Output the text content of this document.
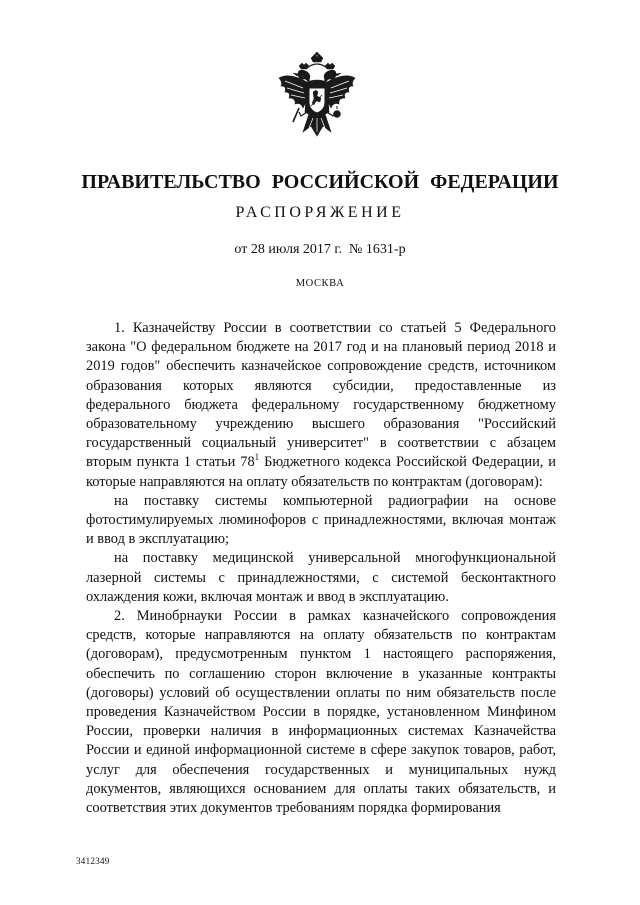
ПРАВИТЕЛЬСТВО РОССИЙСКОЙ ФЕДЕРАЦИИ
РАСПОРЯЖЕНИЕ
от 28 июля 2017 г.  № 1631-р
МОСКВА

1. Казначейству России в соответствии со статьей 5 Федерального закона "О федеральном бюджете на 2017 год и на плановый период 2018 и 2019 годов" обеспечить казначейское сопровождение средств, источником образования которых являются субсидии, предоставленные из федерального бюджета федеральному государственному бюджетному образовательному учреждению высшего образования "Российский государственный социальный университет" в соответствии с абзацем вторым пункта 1 статьи $78^1$ Бюджетного кодекса Российской Федерации, и которые направляются на оплату обязательств по контрактам (договорам):

на поставку системы компьютерной радиографии на основе фотостимулируемых люминофоров с принадлежностями, включая монтаж и ввод в эксплуатацию;

на поставку медицинской универсальной многофункциональной лазерной системы с принадлежностями, с системой бесконтактного охлаждения кожи, включая монтаж и ввод в эксплуатацию.

2. Минобрнауки России в рамках казначейского сопровождения средств, которые направляются на оплату обязательств по контрактам (договорам), предусмотренным пунктом 1 настоящего распоряжения, обеспечить по соглашению сторон включение в указанные контракты (договоры) условий об осуществлении оплаты по ним обязательств после проведения Казначейством России в порядке, установленном Минфином России, проверки наличия в информационных системах Казначейства России и единой информационной системе в сфере закупок товаров, работ, услуг для обеспечения государственных и муниципальных нужд документов, являющихся основанием для оплаты таких обязательств, и соответствия этих документов требованиям порядка формирования

3412349
